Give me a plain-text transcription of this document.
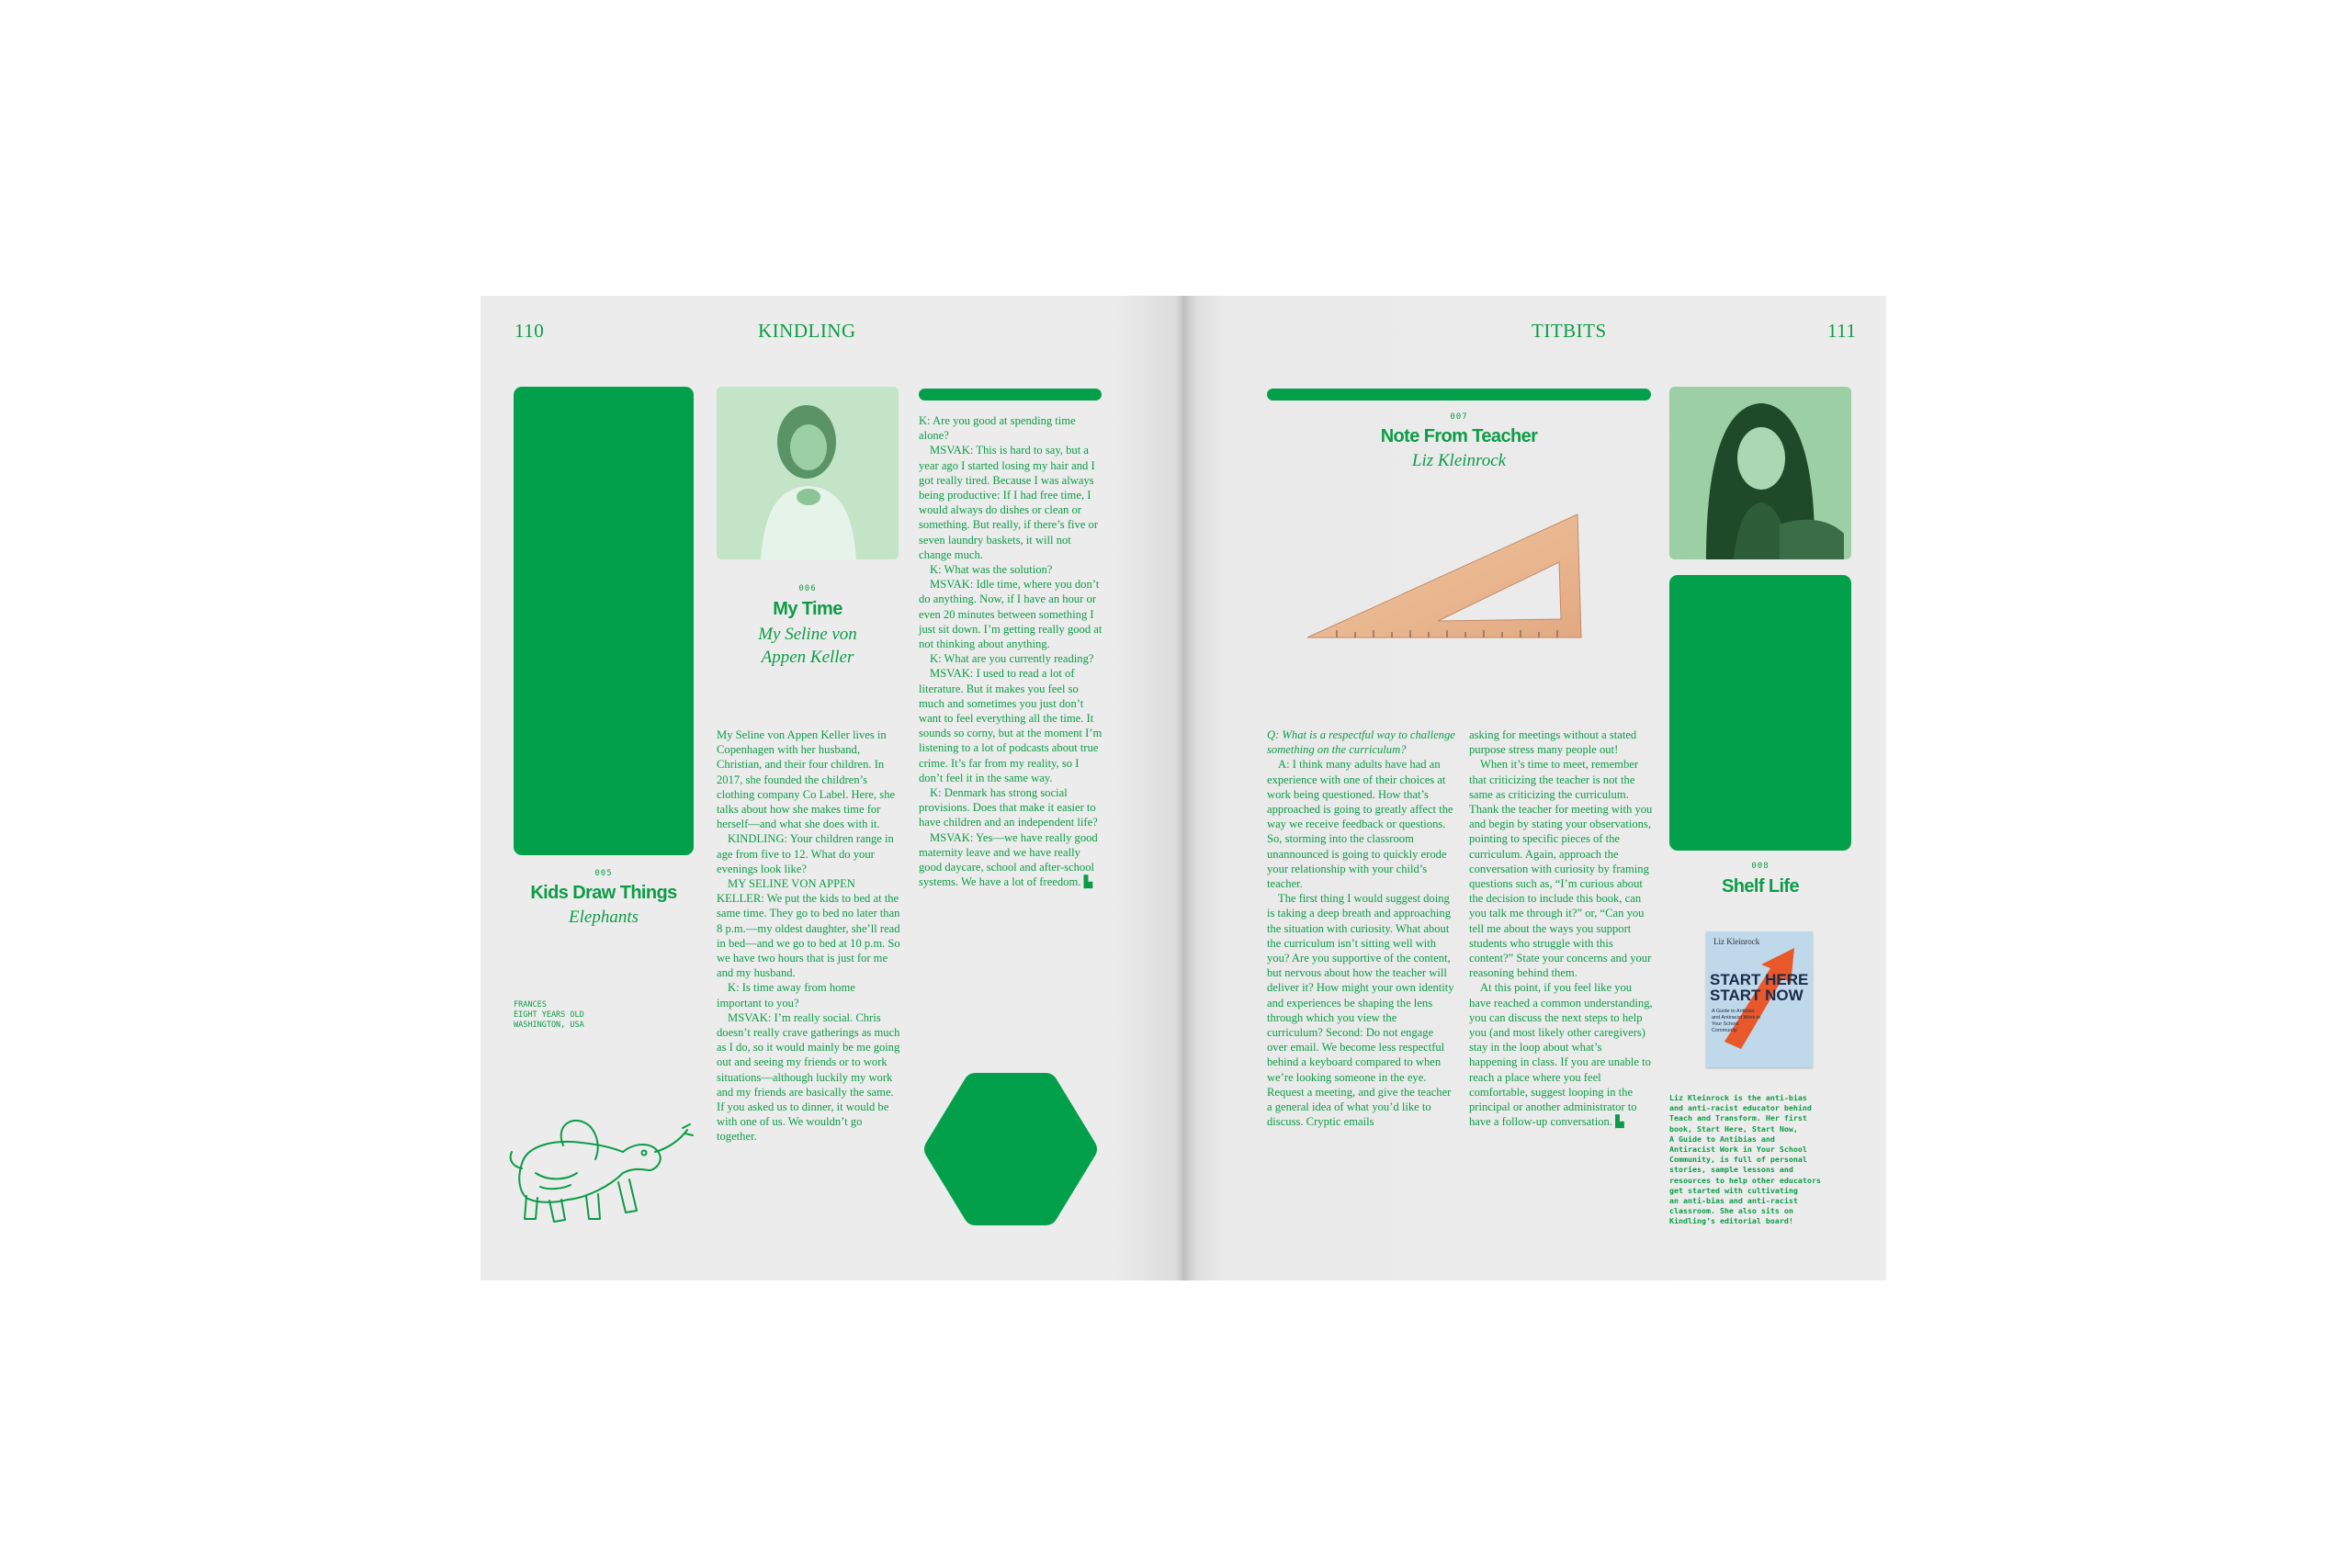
110	KINDLING
005
Kids Draw Things
Elephants
FRANCES
EIGHT YEARS OLD
WASHINGTON, USA
006
My Time
My Seline von
Appen Keller

My Seline von Appen Keller lives in Copenhagen with her husband, Christian, and their four children. In 2017, she founded the children’s clothing company Co Label. Here, she talks about how she makes time for herself—and what she does with it.

KINDLING: Your children range in age from five to 12. What do your evenings look like?

MY SELINE VON APPEN KELLER: We put the kids to bed at the same time. They go to bed no later than 8 p.m.—my oldest daughter, she’ll read in bed—and we go to bed at 10 p.m. So we have two hours that is just for me and my husband.

K: Is time away from home important to you?

MSVAK: I’m really social. Chris doesn’t really crave gatherings as much as I do, so it would mainly be me going out and seeing my friends or to work situations—although luckily my work and my friends are basically the same. If you asked us to dinner, it would be with one of us. We wouldn’t go together.

K: Are you good at spending time alone?

MSVAK: This is hard to say, but a year ago I started losing my hair and I got really tired. Because I was always being productive: If I had free time, I would always do dishes or clean or something. But really, if there’s five or seven laundry baskets, it will not change much.

K: What was the solution?

MSVAK: Idle time, where you don’t do anything. Now, if I have an hour or even 20 minutes between something I just sit down. I’m getting really good at not thinking about anything.

K: What are you currently reading?

MSVAK: I used to read a lot of literature. But it makes you feel so much and sometimes you just don’t want to feel everything all the time. It sounds so corny, but at the moment I’m listening to a lot of podcasts about true crime. It’s far from my reality, so I don’t feel it in the same way.

K: Denmark has strong social provisions. Does that make it easier to have children and an independent life?

MSVAK: Yes—we have really good maternity leave and we have really good daycare, school and after-school systems. We have a lot of freedom. ▙

TITBITS	111
007
Note From Teacher
Liz Kleinrock

Q: What is a respectful way to challenge something on the curriculum?

A: I think many adults have had an experience with one of their choices at work being questioned. How that’s approached is going to greatly affect the way we receive feedback or questions. So, storming into the classroom unannounced is going to quickly erode your relationship with your child’s teacher.

The first thing I would suggest doing is taking a deep breath and approaching the situation with curiosity. What about the curriculum isn’t sitting well with you? Are you supportive of the content, but nervous about how the teacher will deliver it? How might your own identity and experiences be shaping the lens through which you view the curriculum? Second: Do not engage over email. We become less respectful behind a keyboard compared to when we’re looking someone in the eye. Request a meeting, and give the teacher a general idea of what you’d like to discuss. Cryptic emails

asking for meetings without a stated purpose stress many people out!

When it’s time to meet, remember that criticizing the teacher is not the same as criticizing the curriculum. Thank the teacher for meeting with you and begin by stating your observations, pointing to specific pieces of the curriculum. Again, approach the conversation with curiosity by framing questions such as, “I’m curious about the decision to include this book, can you talk me through it?” or, “Can you tell me about the ways you support students who struggle with this content?” State your concerns and your reasoning behind them.

At this point, if you feel like you have reached a common understanding, you can discuss the next steps to help you (and most likely other caregivers) stay in the loop about what’s happening in class. If you are unable to reach a place where you feel comfortable, suggest looping in the principal or another administrator to have a follow-up conversation. ▙

008
Shelf Life
Liz Kleinrock
START HERE
START NOW
A Guide to Antibias and Antiracist Work in Your School Community
Liz Kleinrock is the anti-bias
and anti-racist educator behind
Teach and Transform. Her first
book, Start Here, Start Now,
A Guide to Antibias and
Antiracist Work in Your School
Community, is full of personal
stories, sample lessons and
resources to help other educators
get started with cultivating
an anti-bias and anti-racist
classroom. She also sits on
Kindling’s editorial board!
